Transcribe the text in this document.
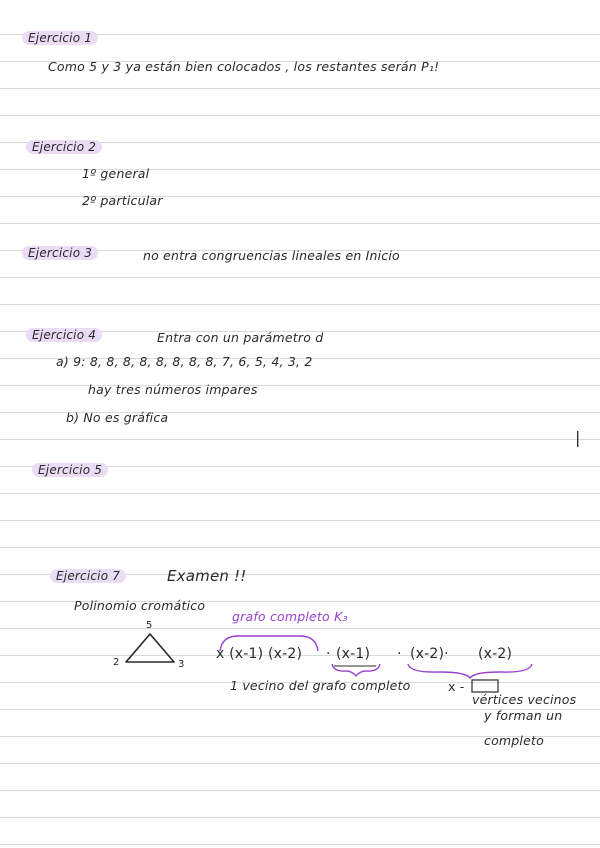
Ejercicio 1
Como 5 y 3 ya están bien colocados , los restantes serán P₁!
Ejercicio 2
1º general
2º particular
Ejercicio 3	no entra congruencias lineales en Inicio
Ejercicio 4	Entra con un parámetro d
a) 9: 8, 8, 8, 8, 8, 8, 8, 8, 7, 6, 5, 4, 3, 2
hay tres números impares
b) No es gráfica
|
Ejercicio 5
Ejercicio 7	Examen !!
Polinomio cromático
grafo completo K₃
5
2	3
x (x-1) (x-2) · (x-1) · (x-2)· (x-2)
1 vecino del grafo completo	x -
vértices vecinos
y forman un
completo
